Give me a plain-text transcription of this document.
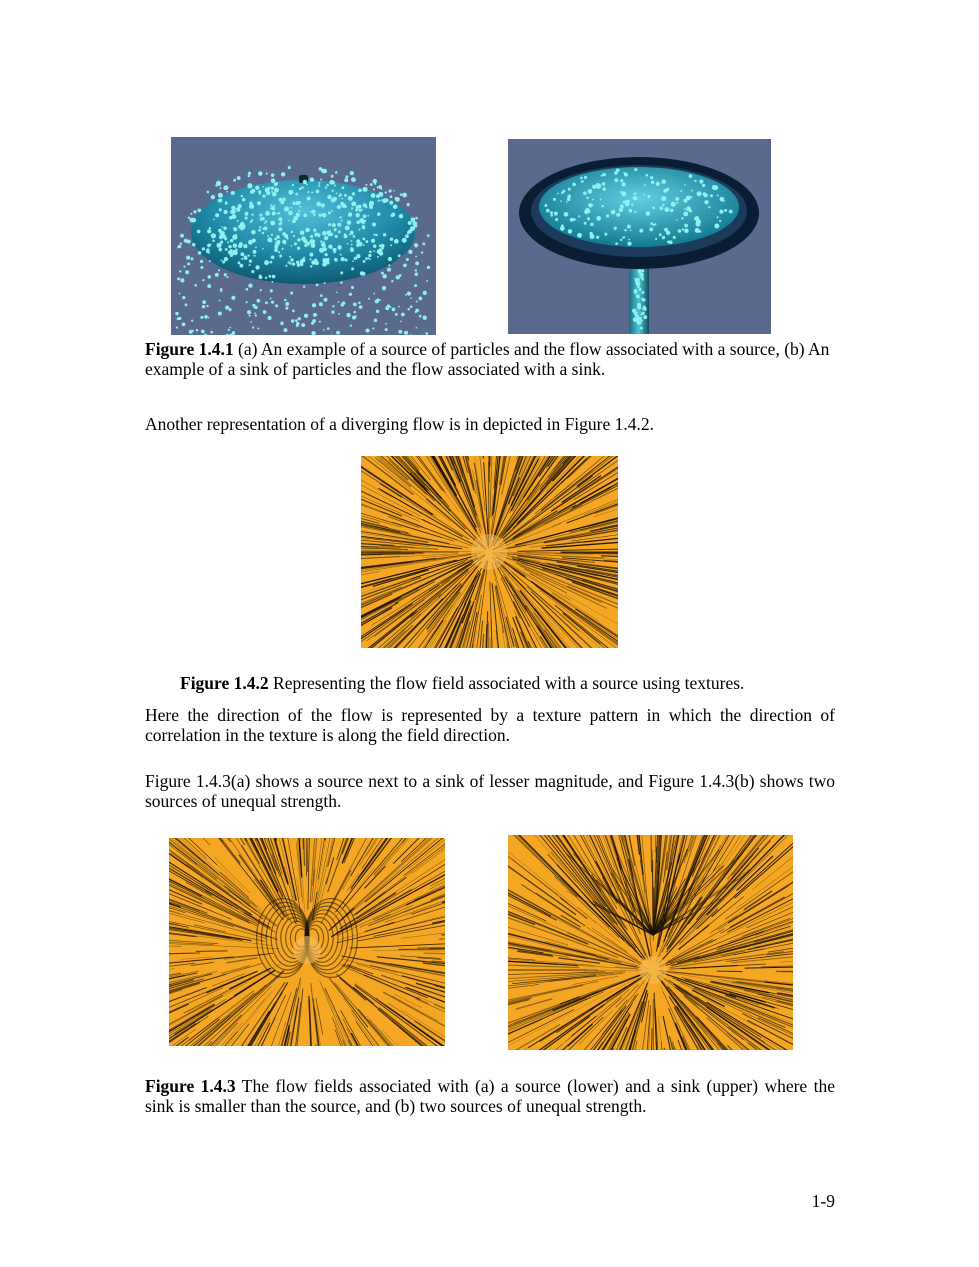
Figure 1.4.1 (a) An example of a source of particles and the flow associated with a source, (b) An example of a sink of particles and the flow associated with a sink.
Another representation of a diverging flow is in depicted in Figure 1.4.2.
Figure 1.4.2 Representing the flow field associated with a source using textures.
Here the direction of the flow is represented by a texture pattern in which the direction of correlation in the texture is along the field direction.
Figure 1.4.3(a) shows a source next to a sink of lesser magnitude, and Figure 1.4.3(b) shows two sources of unequal strength.
Figure 1.4.3 The flow fields associated with (a) a source (lower) and a sink (upper) where the sink is smaller than the source, and (b) two sources of unequal strength.
1-9
